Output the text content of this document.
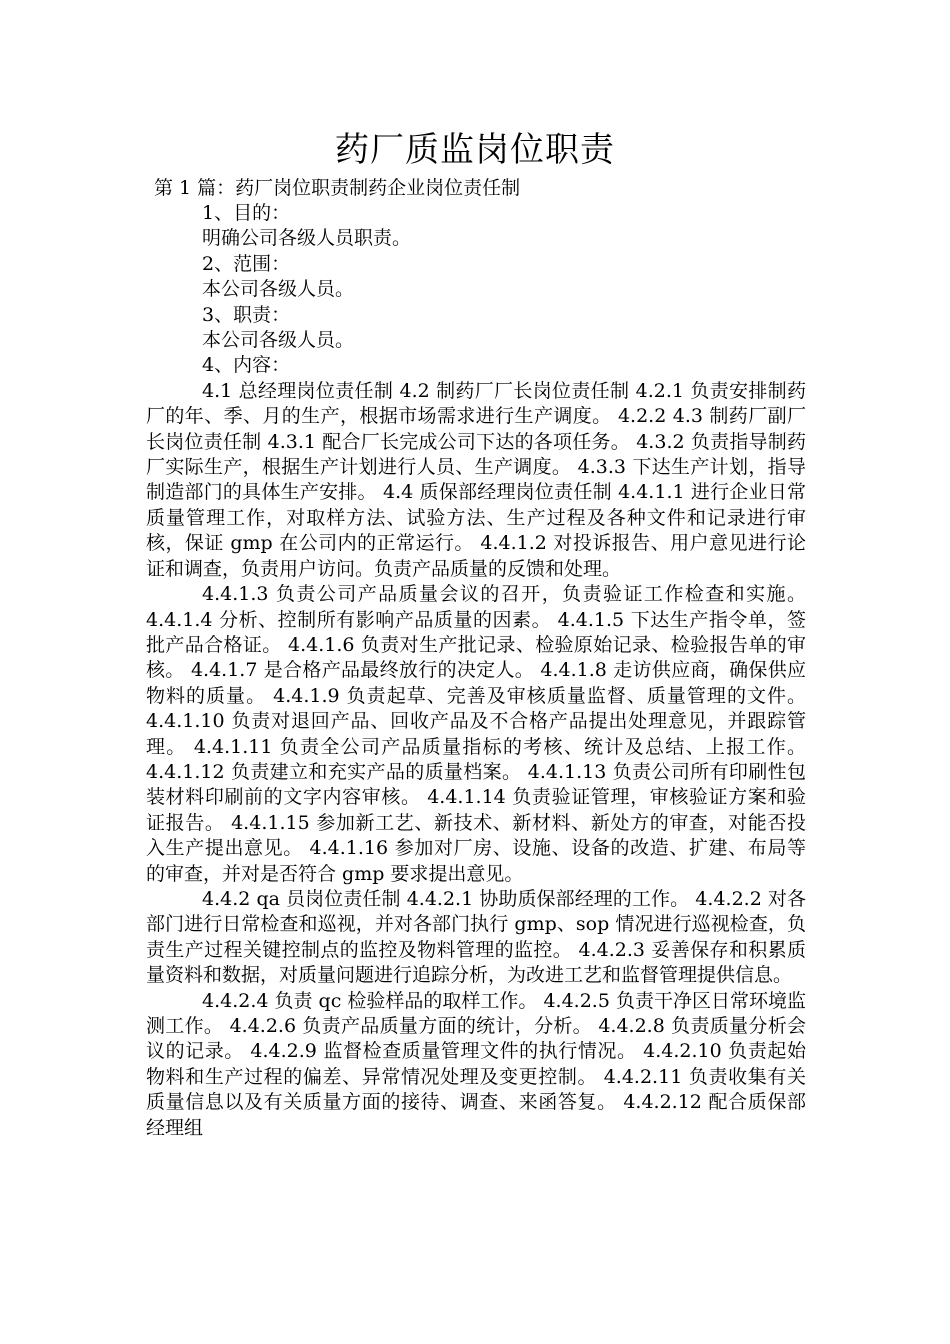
药厂质监岗位职责
第 1 篇：药厂岗位职责制药企业岗位责任制

1、目的：

明确公司各级人员职责。

2、范围：

本公司各级人员。

3、职责：

本公司各级人员。

4、内容：

4.1 总经理岗位责任制 4.2 制药厂厂长岗位责任制 4.2.1 负责安排制药厂的年、季、月的生产，根据市场需求进行生产调度。 4.2.2 4.3 制药厂副厂长岗位责任制 4.3.1 配合厂长完成公司下达的各项任务。 4.3.2 负责指导制药厂实际生产，根据生产计划进行人员、生产调度。 4.3.3 下达生产计划，指导制造部门的具体生产安排。 4.4 质保部经理岗位责任制 4.4.1.1 进行企业日常质量管理工作，对取样方法、试验方法、生产过程及各种文件和记录进行审核，保证 gmp 在公司内的正常运行。 4.4.1.2 对投诉报告、用户意见进行论证和调查，负责用户访问。负责产品质量的反馈和处理。

4.4.1.3 负责公司产品质量会议的召开，负责验证工作检查和实施。 4.4.1.4 分析、控制所有影响产品质量的因素。 4.4.1.5 下达生产指令单，签批产品合格证。 4.4.1.6 负责对生产批记录、检验原始记录、检验报告单的审核。 4.4.1.7 是合格产品最终放行的决定人。 4.4.1.8 走访供应商，确保供应物料的质量。 4.4.1.9 负责起草、完善及审核质量监督、质量管理的文件。 4.4.1.10 负责对退回产品、回收产品及不合格产品提出处理意见，并跟踪管理。 4.4.1.11 负责全公司产品质量指标的考核、统计及总结、上报工作。 4.4.1.12 负责建立和充实产品的质量档案。 4.4.1.13 负责公司所有印刷性包装材料印刷前的文字内容审核。 4.4.1.14 负责验证管理，审核验证方案和验证报告。 4.4.1.15 参加新工艺、新技术、新材料、新处方的审查，对能否投入生产提出意见。 4.4.1.16 参加对厂房、设施、设备的改造、扩建、布局等的审查，并对是否符合 gmp 要求提出意见。

4.4.2 qa 员岗位责任制 4.4.2.1 协助质保部经理的工作。 4.4.2.2 对各部门进行日常检查和巡视，并对各部门执行 gmp、sop 情况进行巡视检查，负责生产过程关键控制点的监控及物料管理的监控。 4.4.2.3 妥善保存和积累质量资料和数据，对质量问题进行追踪分析，为改进工艺和监督管理提供信息。

4.4.2.4 负责 qc 检验样品的取样工作。 4.4.2.5 负责干净区日常环境监测工作。 4.4.2.6 负责产品质量方面的统计，分析。 4.4.2.8 负责质量分析会议的记录。 4.4.2.9 监督检查质量管理文件的执行情况。 4.4.2.10 负责起始物料和生产过程的偏差、异常情况处理及变更控制。 4.4.2.11 负责收集有关质量信息以及有关质量方面的接待、调查、来函答复。 4.4.2.12 配合质保部经理组
